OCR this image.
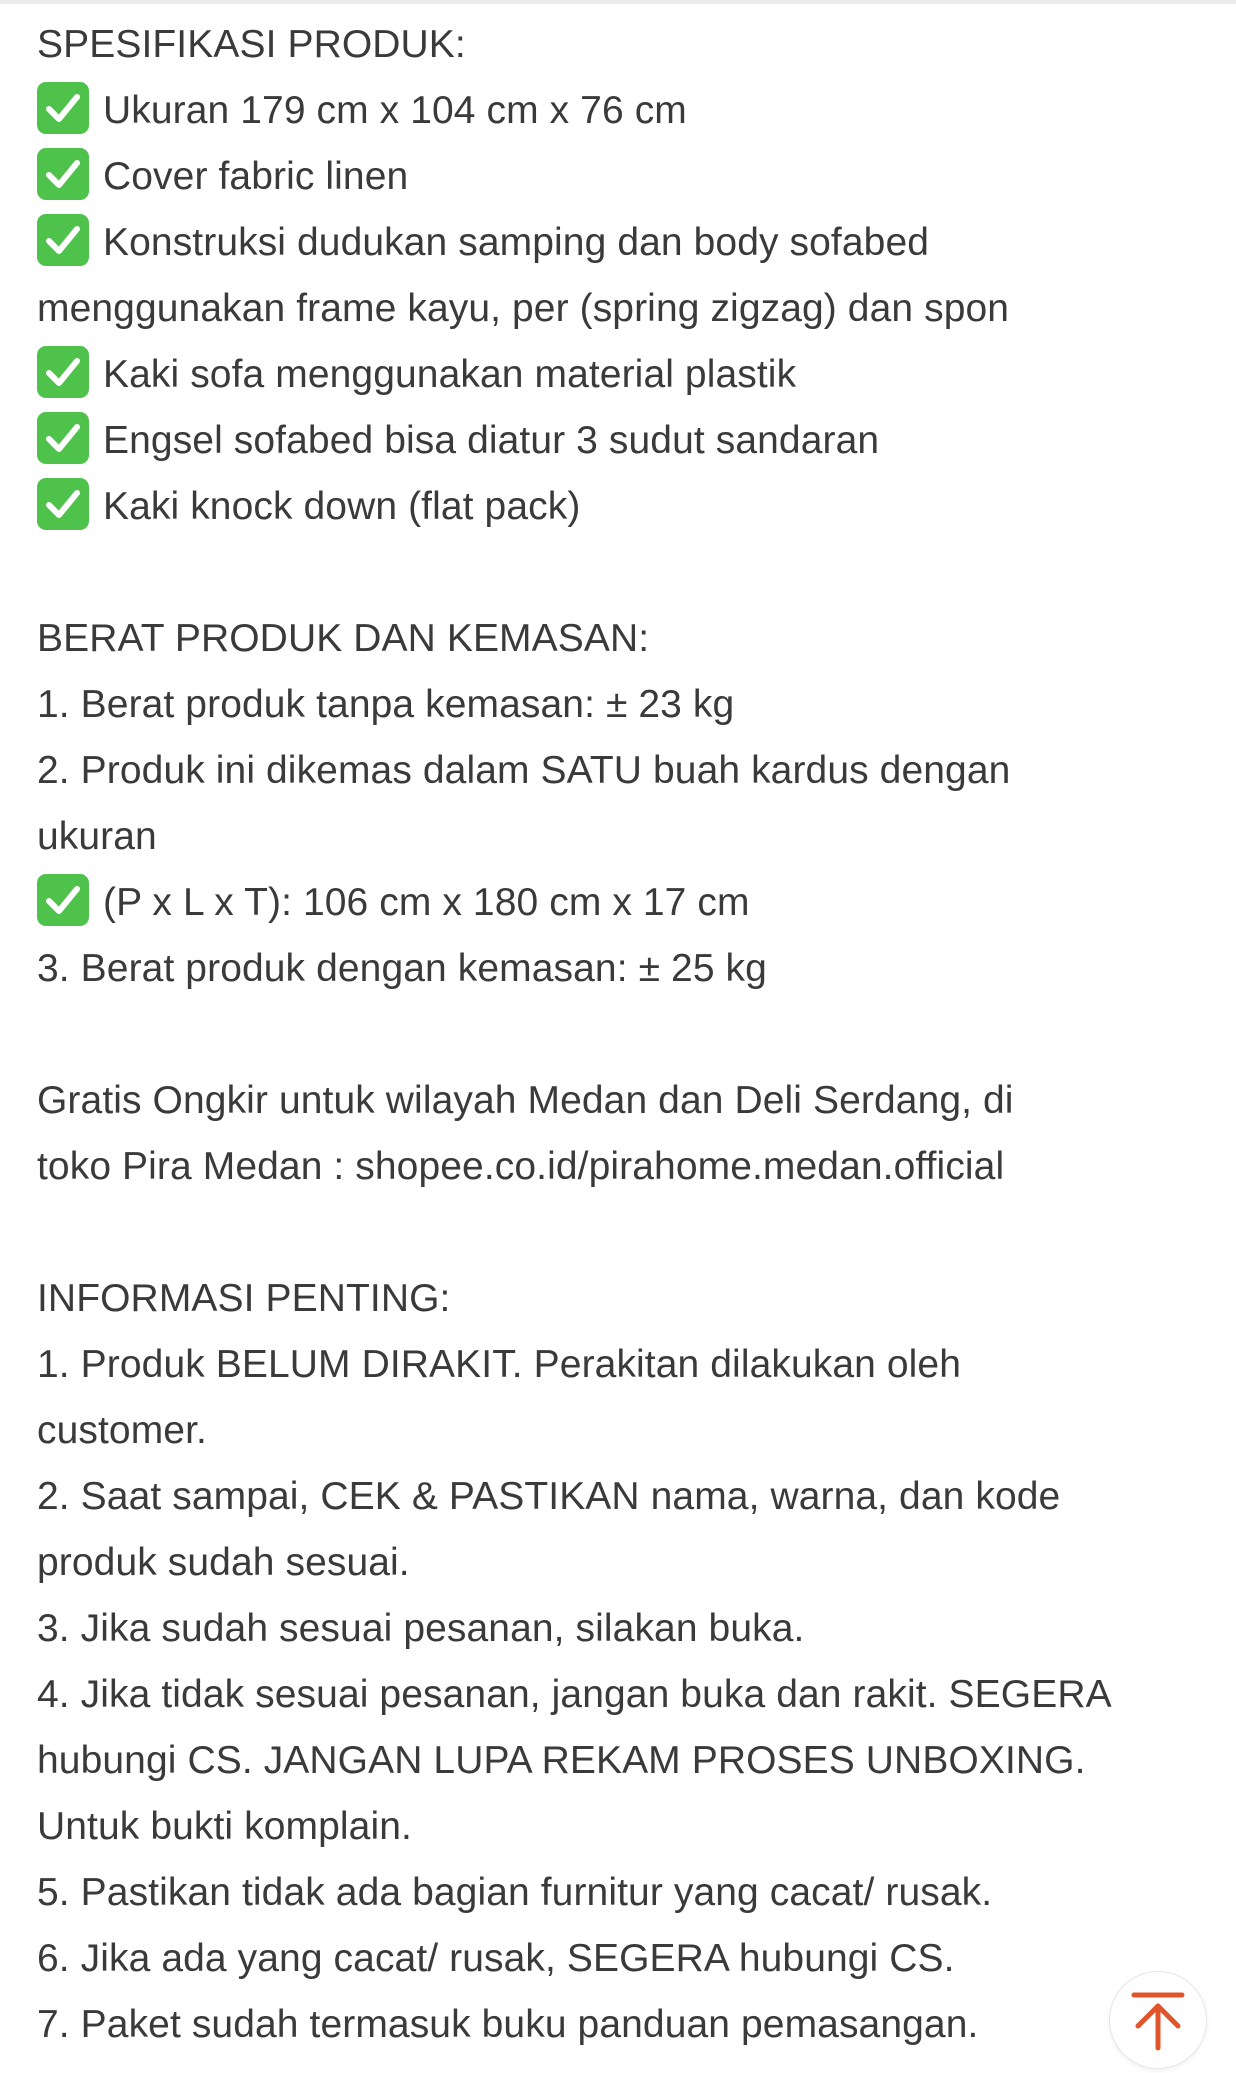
SPESIFIKASI PRODUK:
Ukuran 179 cm x 104 cm x 76 cm
Cover fabric linen
Konstruksi dudukan samping dan body sofabed
menggunakan frame kayu, per (spring zigzag) dan spon
Kaki sofa menggunakan material plastik
Engsel sofabed bisa diatur 3 sudut sandaran
Kaki knock down (flat pack)
BERAT PRODUK DAN KEMASAN:
1. Berat produk tanpa kemasan: ± 23 kg
2. Produk ini dikemas dalam SATU buah kardus dengan
ukuran
(P x L x T): 106 cm x 180 cm x 17 cm
3. Berat produk dengan kemasan: ± 25 kg
Gratis Ongkir untuk wilayah Medan dan Deli Serdang, di
toko Pira Medan : shopee.co.id/pirahome.medan.official
INFORMASI PENTING:
1. Produk BELUM DIRAKIT. Perakitan dilakukan oleh
customer.
2. Saat sampai, CEK & PASTIKAN nama, warna, dan kode
produk sudah sesuai.
3. Jika sudah sesuai pesanan, silakan buka.
4. Jika tidak sesuai pesanan, jangan buka dan rakit. SEGERA
hubungi CS. JANGAN LUPA REKAM PROSES UNBOXING.
Untuk bukti komplain.
5. Pastikan tidak ada bagian furnitur yang cacat/ rusak.
6. Jika ada yang cacat/ rusak, SEGERA hubungi CS.
7. Paket sudah termasuk buku panduan pemasangan.
